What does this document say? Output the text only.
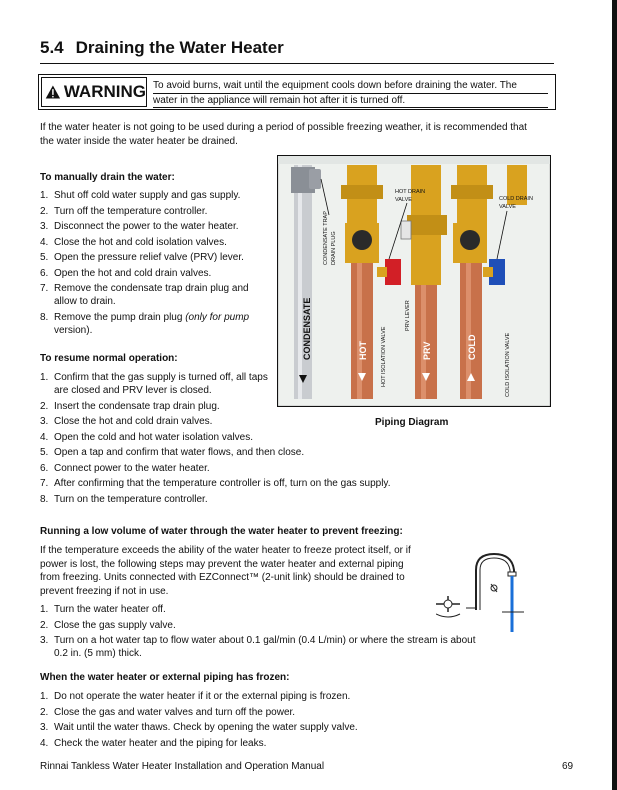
5.4 Draining the Water Heater
WARNING To avoid burns, wait until the equipment cools down before draining the water. The
water in the appliance will remain hot after it is turned off.
If the water heater is not going to be used during a period of possible freezing weather, it is recommended that
the water inside the water heater be drained.
To manually drain the water:
1. Shut off cold water supply and gas supply.
2. Turn off the temperature controller.
3. Disconnect the power to the water heater.
4. Close the hot and cold isolation valves.
5. Open the pressure relief valve (PRV) lever.
6. Open the hot and cold drain valves.
7. Remove the condensate trap drain plug and
allow to drain.
8. Remove the pump drain plug (only for pump
version).
To resume normal operation:
1. Confirm that the gas supply is turned off, all taps
are closed and PRV lever is closed.
2. Insert the condensate trap drain plug.
3. Close the hot and cold drain valves.
4. Open the cold and hot water isolation valves.
5. Open a tap and confirm that water flows, and then close.
6. Connect power to the water heater.
7. After confirming that the temperature controller is off, turn on the gas supply.
8. Turn on the temperature controller.
HOT DRAIN
VALVE	COLD DRAIN
VALVE
CONDENSATE TRAP DRAIN PLUG
HOT ISOLATION VALVE
PRV LEVER
COLD ISOLATION VALVE
CONDENSATE	HOT	PRV	COLD
Piping Diagram
Running a low volume of water through the water heater to prevent freezing:
If the temperature exceeds the ability of the water heater to freeze protect itself, or if
power is lost, the following steps may prevent the water heater and external piping
from freezing. Units connected with EZConnect™ (2-unit link) should be drained to
prevent freezing if not in use.
1. Turn the water heater off.
2. Close the gas supply valve.
3. Turn on a hot water tap to flow water about 0.1 gal/min (0.4 L/min) or where the stream is about
0.2 in. (5 mm) thick.
When the water heater or external piping has frozen:
1. Do not operate the water heater if it or the external piping is frozen.
2. Close the gas and water valves and turn off the power.
3. Wait until the water thaws. Check by opening the water supply valve.
4. Check the water heater and the piping for leaks.
Rinnai Tankless Water Heater Installation and Operation Manual	69
